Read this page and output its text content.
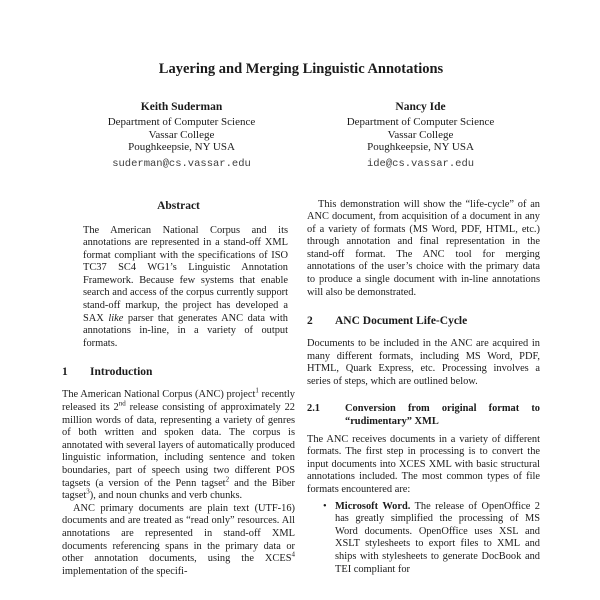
Layering and Merging Linguistic Annotations
Keith Suderman
Department of Computer Science
Vassar College
Poughkeepsie, NY USA
suderman@cs.vassar.edu
Nancy Ide
Department of Computer Science
Vassar College
Poughkeepsie, NY USA
ide@cs.vassar.edu
Abstract

The American National Corpus and its annotations are represented in a stand-off XML format compliant with the specifications of ISO TC37 SC4 WG1’s Linguistic Annotation Framework. Because few systems that enable search and access of the corpus currently support stand-off markup, the project has developed a SAX like parser that generates ANC data with annotations in-line, in a variety of output formats.

1	Introduction

The American National Corpus (ANC) project$^1$ recently released its 2nd release consisting of approximately 22 million words of data, representing a variety of genres of both written and spoken data. The corpus is annotated with several layers of automatically produced linguistic information, including sentence and token boundaries, part of speech using two different POS tagsets (a version of the Penn tagset$^2$ and the Biber tagset$^3$), and noun chunks and verb chunks.

ANC primary documents are plain text (UTF-16) documents and are treated as “read only” resources. All annotations are represented in stand-off XML documents referencing spans in the primary data or other annotation documents, using the XCES$^4$ implementation of the specifi-

This demonstration will show the “life-cycle” of an ANC document, from acquisition of a document in any of a variety of formats (MS Word, PDF, HTML, etc.) through annotation and final representation in the stand-off format. The ANC tool for merging annotations of the user’s choice with the primary data to produce a single document with in-line annotations will also be demonstrated.

2	ANC Document Life-Cycle

Documents to be included in the ANC are acquired in many different formats, including MS Word, PDF, HTML, Quark Express, etc. Processing involves a series of steps, which are outlined below.

2.1	Conversion from original format to “rudimentary” XML

The ANC receives documents in a variety of different formats. The first step in processing is to convert the input documents into XCES XML with basic structural annotations included. The most common types of file formats encountered are:

• Microsoft Word. The release of OpenOffice 2 has greatly simplified the processing of MS Word documents. OpenOffice uses XSL and XSLT stylesheets to export files to XML and ships with stylesheets to generate DocBook and TEI compliant for
